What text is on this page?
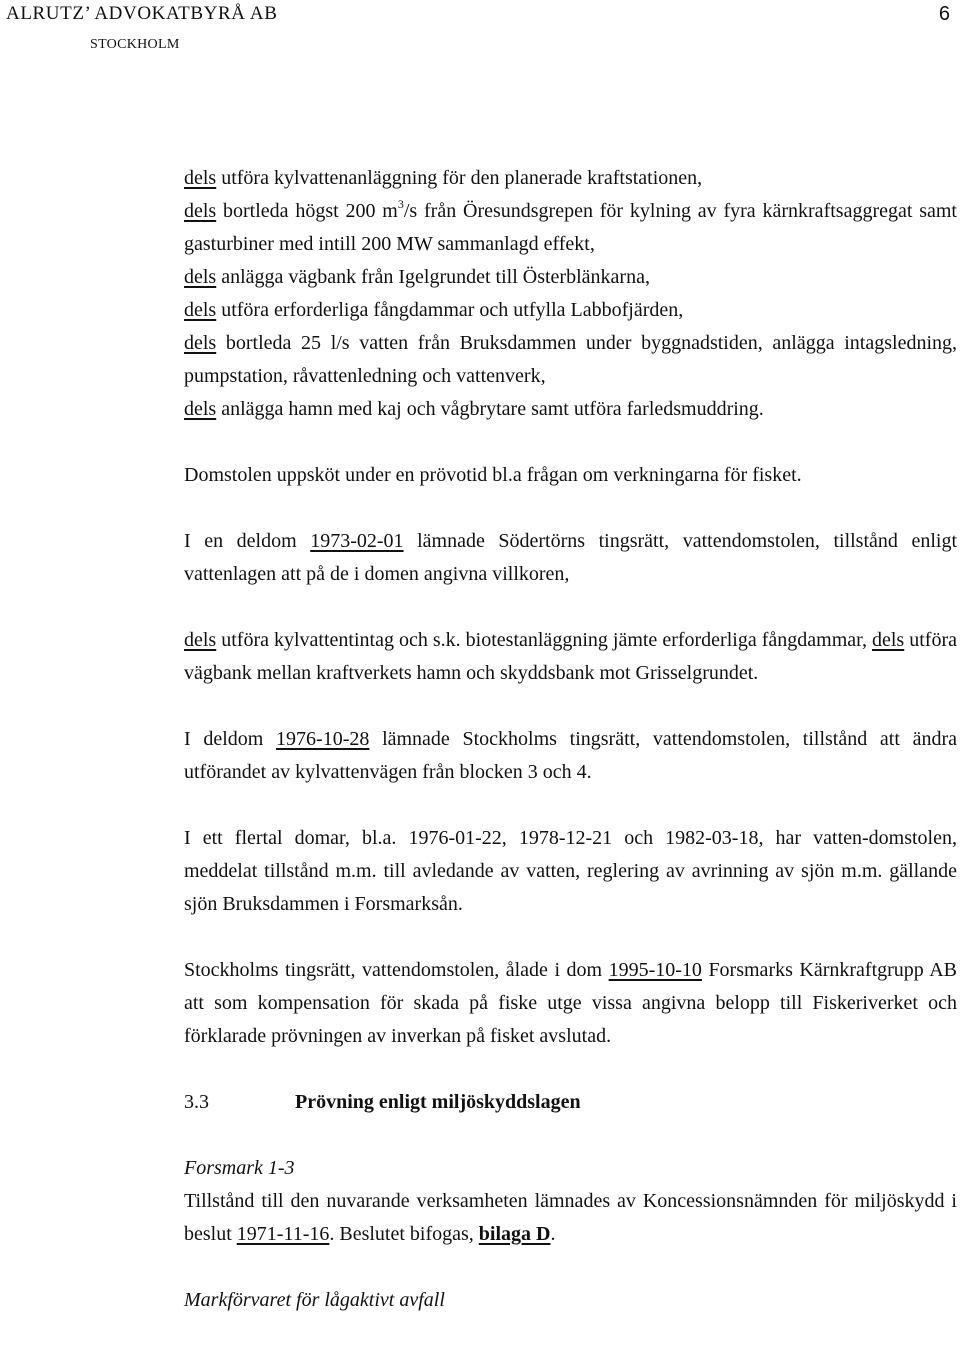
ALRUTZ’ ADVOKATBYRÅ AB
STOCKHOLM
6
dels utföra kylvattenanläggning för den planerade kraftstationen,
dels bortleda högst 200 $m^3/s$ från Öresundsgrepen för kylning av fyra kärnkraftsaggregat samt gasturbiner med intill 200 MW sammanlagd effekt,
dels anlägga vägbank från Igelgrundet till Österblänkarna,
dels utföra erforderliga fångdammar och utfylla Labbofjärden,
dels bortleda 25 l/s vatten från Bruksdammen under byggnadstiden, anlägga intagsledning, pumpstation, råvattenledning och vattenverk,
dels anlägga hamn med kaj och vågbrytare samt utföra farledsmuddring.

Domstolen uppsköt under en prövotid bl.a frågan om verkningarna för fisket.

I en deldom 1973-02-01 lämnade Södertörns tingsrätt, vattendomstolen, tillstånd enligt vattenlagen att på de i domen angivna villkoren,

dels utföra kylvattentintag och s.k. biotestanläggning jämte erforderliga fångdammar, dels utföra vägbank mellan kraftverkets hamn och skyddsbank mot Grisselgrundet.

I deldom 1976-10-28 lämnade Stockholms tingsrätt, vattendomstolen, tillstånd att ändra utförandet av kylvattenvägen från blocken 3 och 4.

I ett flertal domar, bl.a. 1976-01-22, 1978-12-21 och 1982-03-18, har vatten-domstolen, meddelat tillstånd m.m. till avledande av vatten, reglering av avrinning av sjön m.m. gällande sjön Bruksdammen i Forsmarksån.

Stockholms tingsrätt, vattendomstolen, ålade i dom 1995-10-10 Forsmarks Kärnkraftgrupp AB att som kompensation för skada på fiske utge vissa angivna belopp till Fiskeriverket och förklarade prövningen av inverkan på fisket avslutad.

3.3	Prövning enligt miljöskyddslagen

Forsmark 1-3

Tillstånd till den nuvarande verksamheten lämnades av Koncessionsnämnden för miljöskydd i beslut 1971-11-16. Beslutet bifogas, bilaga D.

Markförvaret för lågaktivt avfall
